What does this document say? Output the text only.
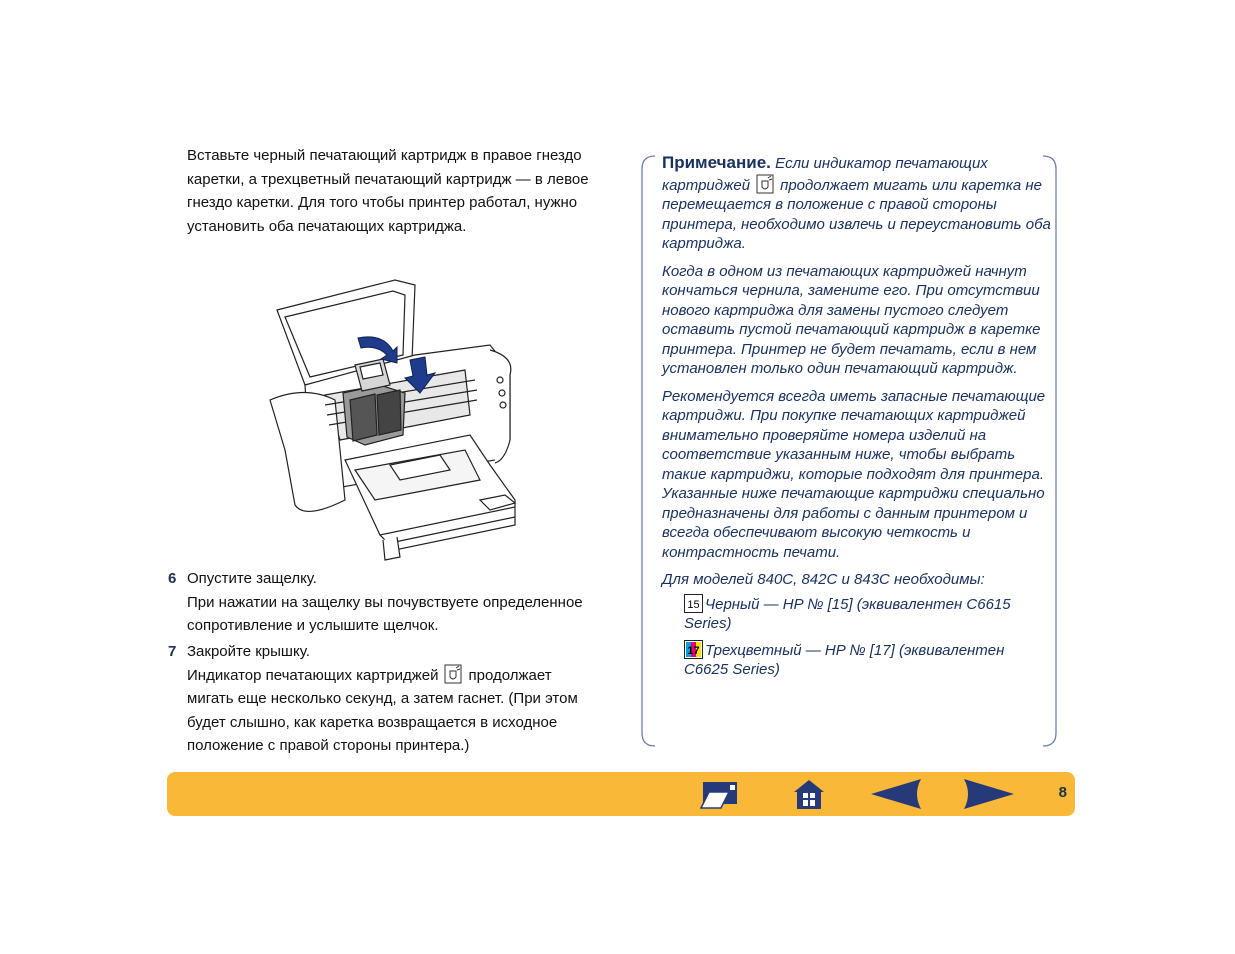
Вставьте черный печатающий картридж в правое гнездо каретки, а трехцветный печатающий картридж — в левое гнездо каретки. Для того чтобы принтер работал, нужно установить оба печатающих картриджа.

6 Опустите защелку.

При нажатии на защелку вы почувствуете определенное сопротивление и услышите щелчок.

7 Закройте крышку.

Индикатор печатающих картриджей продолжает мигать еще несколько секунд, а затем гаснет. (При этом будет слышно, как каретка возвращается в исходное положение с правой стороны принтера.)

Примечание. Если индикатор печатающих картриджей продолжает мигать или каретка не перемещается в положение с правой стороны принтера, необходимо извлечь и переустановить оба картриджа.

Когда в одном из печатающих картриджей начнут кончаться чернила, замените его. При отсутствии нового картриджа для замены пустого следует оставить пустой печатающий картридж в каретке принтера. Принтер не будет печатать, если в нем установлен только один печатающий картридж.

Рекомендуется всегда иметь запасные печатающие картриджи. При покупке печатающих картриджей внимательно проверяйте номера изделий на соответствие указанным ниже, чтобы выбрать такие картриджи, которые подходят для принтера. Указанные ниже печатающие картриджи специально предназначены для работы с данным принтером и всегда обеспечивают высокую четкость и контрастность печати.

Для моделей 840C, 842C и 843C необходимы:

15 Черный — HP № [15] (эквивалентен C6615 Series)
17 Трехцветный — HP № [17] (эквивалентен C6625 Series)
8
